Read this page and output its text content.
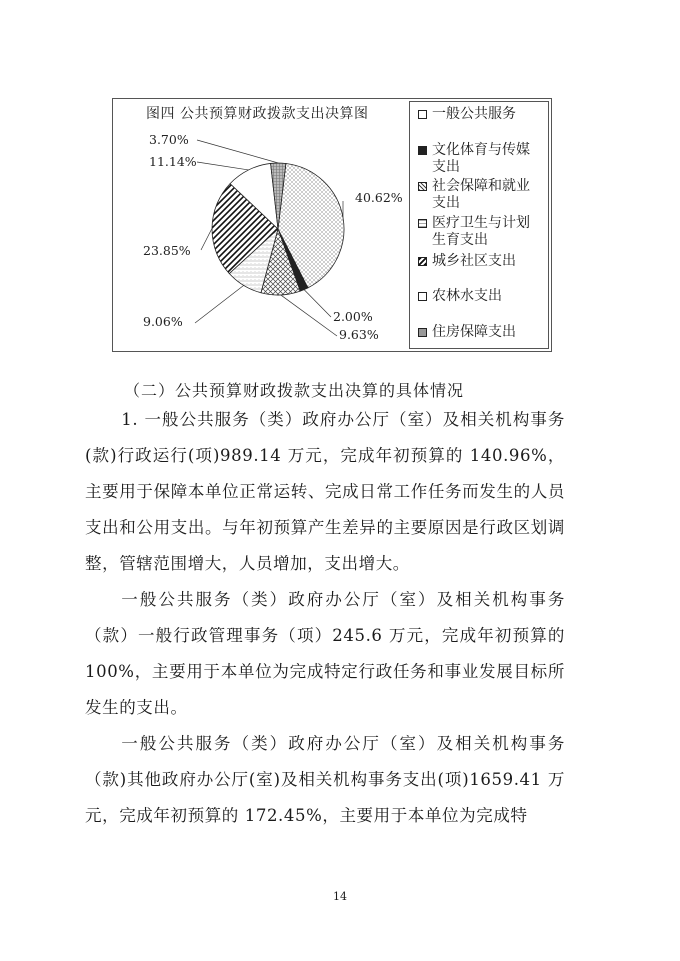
图四 公共预算财政拨款支出决算图
40.62%
2.00%
9.63%
9.06%
23.85%
11.14%
3.70%
一般公共服务
文化体育与传媒
支出
社会保障和就业
支出
医疗卫生与计划
生育支出
城乡社区支出
农林水支出
住房保障支出
（二）公共预算财政拨款支出决算的具体情况

1. 一般公共服务（类）政府办公厅（室）及相关机构事务(款)行政运行(项)989.14 万元，完成年初预算的 140.96%，主要用于保障本单位正常运转、完成日常工作任务而发生的人员支出和公用支出。与年初预算产生差异的主要原因是行政区划调整，管辖范围增大，人员增加，支出增大。

一般公共服务（类）政府办公厅（室）及相关机构事务（款）一般行政管理事务（项）245.6 万元，完成年初预算的 100%，主要用于本单位为完成特定行政任务和事业发展目标所发生的支出。

一般公共服务（类）政府办公厅（室）及相关机构事务（款)其他政府办公厅(室)及相关机构事务支出(项)1659.41 万元，完成年初预算的 172.45%，主要用于本单位为完成特

14
